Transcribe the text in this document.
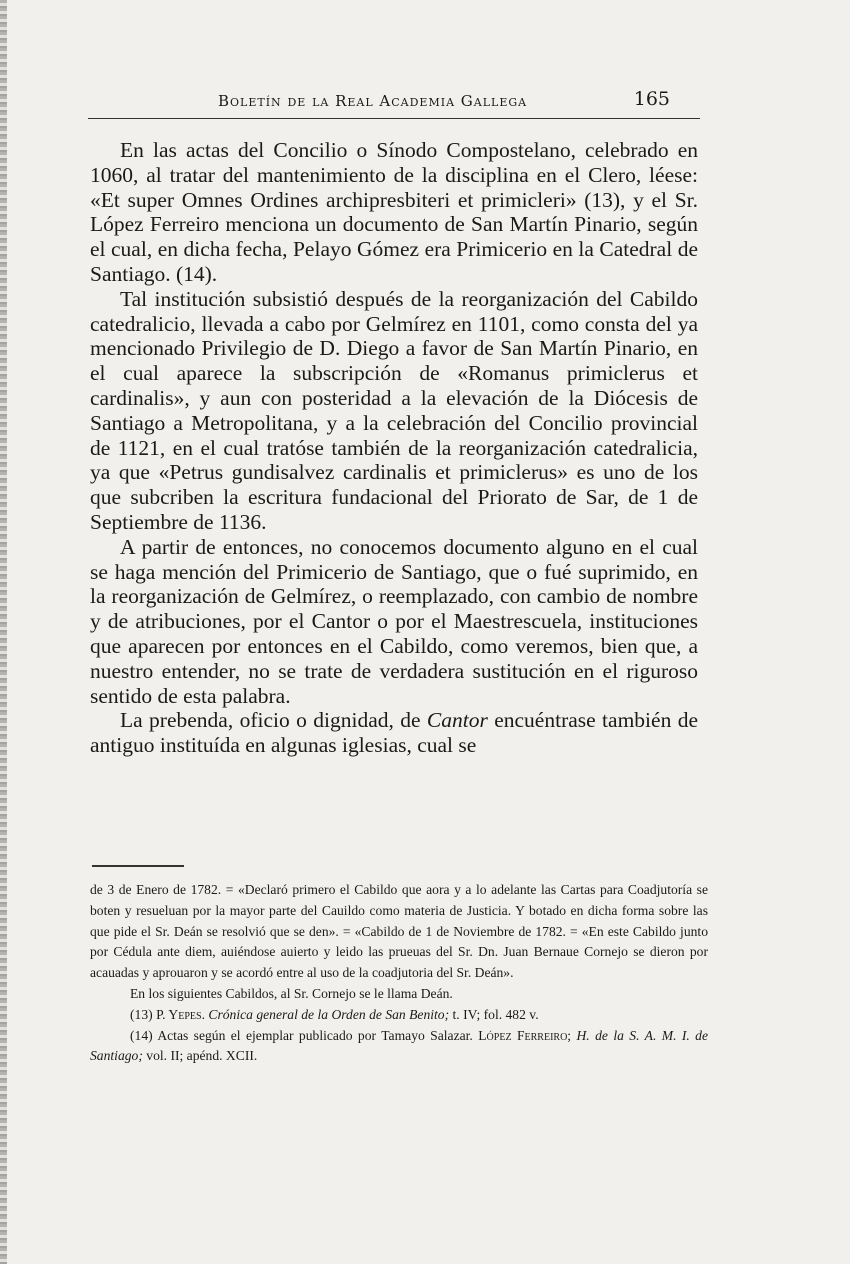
Boletín de la Real Academia Gallega	165

En las actas del Concilio o Sínodo Compostelano, celebrado en 1060, al tratar del mantenimiento de la disciplina en el Clero, léese: «Et super Omnes Ordines archipresbiteri et primicleri» (13), y el Sr. López Ferreiro menciona un documento de San Martín Pinario, según el cual, en dicha fecha, Pelayo Gómez era Primicerio en la Catedral de Santiago. (14).

Tal institución subsistió después de la reorganización del Cabildo catedralicio, llevada a cabo por Gelmírez en 1101, como consta del ya mencionado Privilegio de D. Diego a favor de San Martín Pinario, en el cual aparece la subscripción de «Romanus primiclerus et cardinalis», y aun con posteridad a la elevación de la Diócesis de Santiago a Metropolitana, y a la celebración del Concilio provincial de 1121, en el cual tratóse también de la reorganización catedralicia, ya que «Petrus gundisalvez cardinalis et primiclerus» es uno de los que subcriben la escritura fundacional del Priorato de Sar, de 1 de Septiembre de 1136.

A partir de entonces, no conocemos documento alguno en el cual se haga mención del Primicerio de Santiago, que o fué suprimido, en la reorganización de Gelmírez, o reemplazado, con cambio de nombre y de atribuciones, por el Cantor o por el Maestrescuela, instituciones que aparecen por entonces en el Cabildo, como veremos, bien que, a nuestro entender, no se trate de verdadera sustitución en el riguroso sentido de esta palabra.

La prebenda, oficio o dignidad, de Cantor encuéntrase también de antiguo instituída en algunas iglesias, cual se

de 3 de Enero de 1782. = «Declaró primero el Cabildo que aora y a lo adelante las Cartas para Coadjutoría se boten y resueluan por la mayor parte del Cauildo como materia de Justicia. Y botado en dicha forma sobre las que pide el Sr. Deán se resolvió que se den». = «Cabildo de 1 de Noviembre de 1782. = «En este Cabildo junto por Cédula ante diem, auiéndose auierto y leido las prueuas del Sr. Dn. Juan Bernaue Cornejo se dieron por acauadas y aprouaron y se acordó entre al uso de la coadjutoria del Sr. Deán».

En los siguientes Cabildos, al Sr. Cornejo se le llama Deán.

(13) P. Yepes. Crónica general de la Orden de San Benito; t. IV; fol. 482 v.

(14) Actas según el ejemplar publicado por Tamayo Salazar. López Ferreiro; H. de la S. A. M. I. de Santiago; vol. II; apénd. XCII.
